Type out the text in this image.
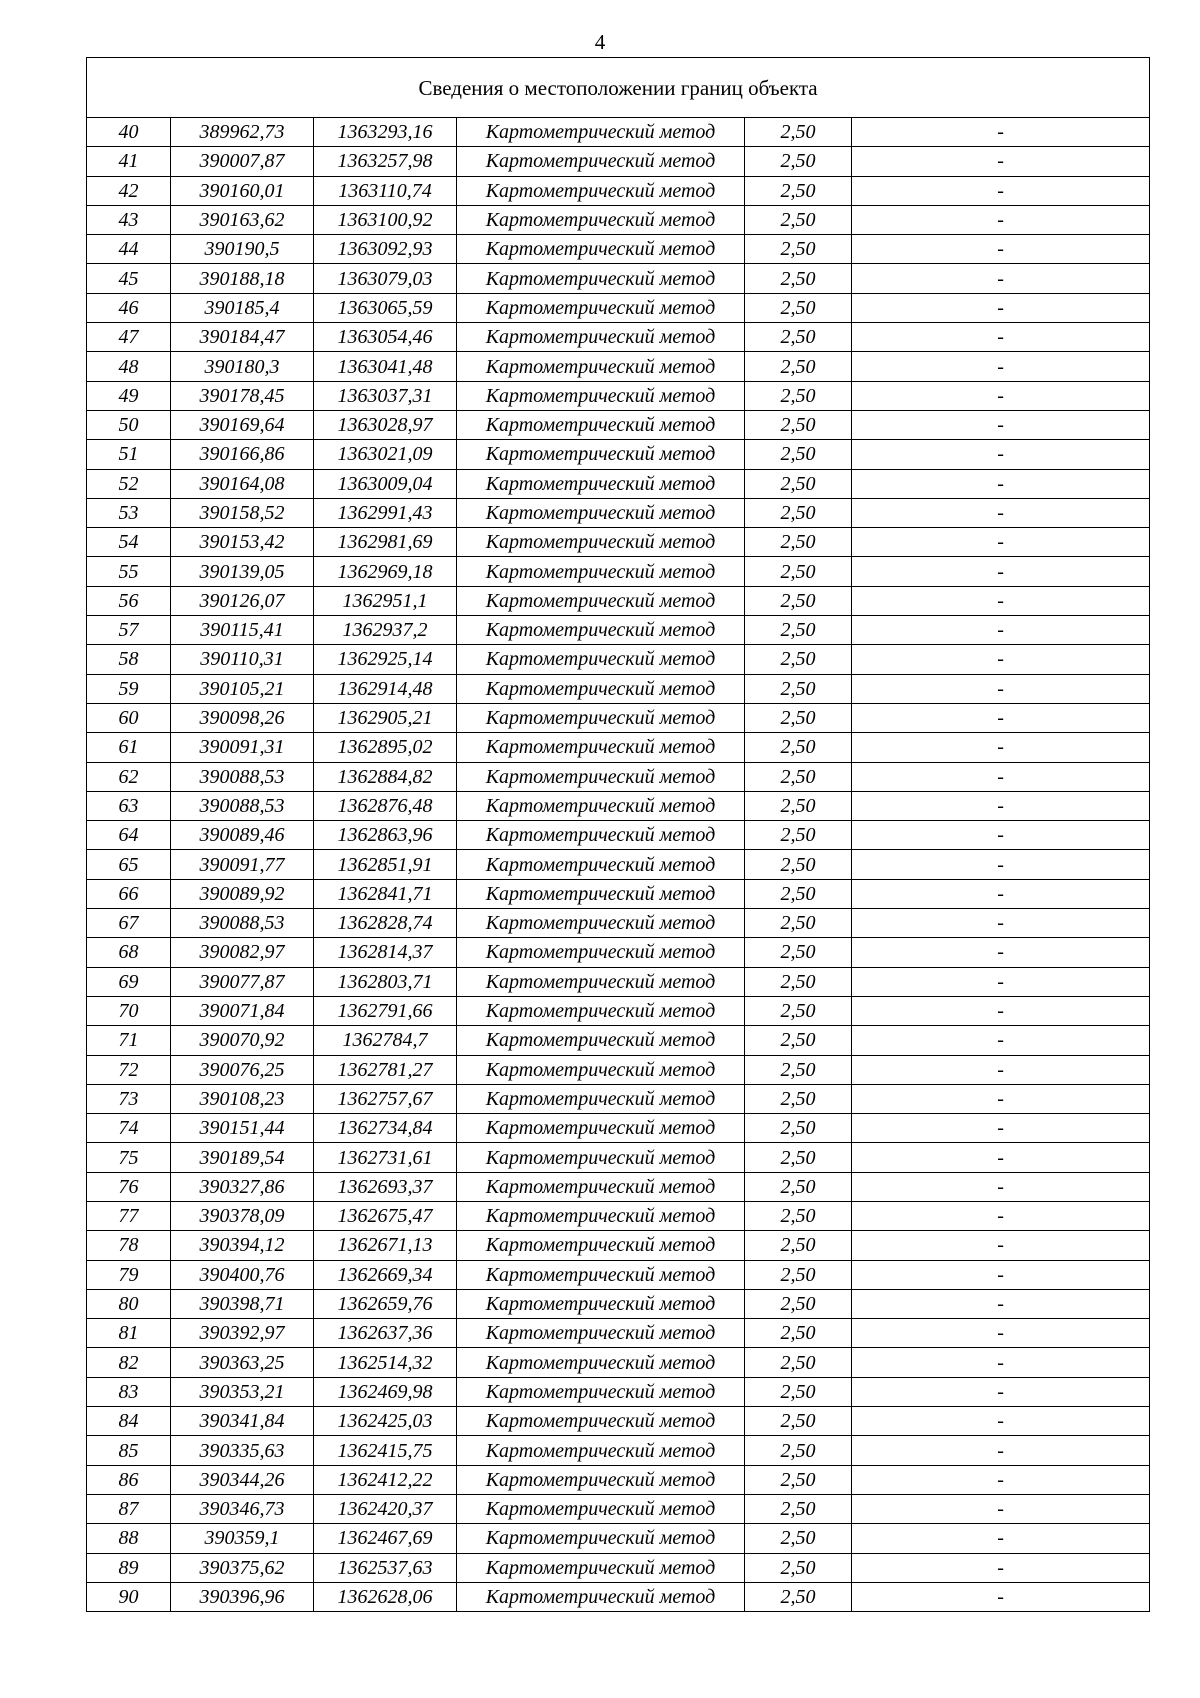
4
Сведения о местоположении границ объекта					
40	389962,73	1363293,16	Картометрический метод	2,50	-
41	390007,87	1363257,98	Картометрический метод	2,50	-
42	390160,01	1363110,74	Картометрический метод	2,50	-
43	390163,62	1363100,92	Картометрический метод	2,50	-
44	390190,5	1363092,93	Картометрический метод	2,50	-
45	390188,18	1363079,03	Картометрический метод	2,50	-
46	390185,4	1363065,59	Картометрический метод	2,50	-
47	390184,47	1363054,46	Картометрический метод	2,50	-
48	390180,3	1363041,48	Картометрический метод	2,50	-
49	390178,45	1363037,31	Картометрический метод	2,50	-
50	390169,64	1363028,97	Картометрический метод	2,50	-
51	390166,86	1363021,09	Картометрический метод	2,50	-
52	390164,08	1363009,04	Картометрический метод	2,50	-
53	390158,52	1362991,43	Картометрический метод	2,50	-
54	390153,42	1362981,69	Картометрический метод	2,50	-
55	390139,05	1362969,18	Картометрический метод	2,50	-
56	390126,07	1362951,1	Картометрический метод	2,50	-
57	390115,41	1362937,2	Картометрический метод	2,50	-
58	390110,31	1362925,14	Картометрический метод	2,50	-
59	390105,21	1362914,48	Картометрический метод	2,50	-
60	390098,26	1362905,21	Картометрический метод	2,50	-
61	390091,31	1362895,02	Картометрический метод	2,50	-
62	390088,53	1362884,82	Картометрический метод	2,50	-
63	390088,53	1362876,48	Картометрический метод	2,50	-
64	390089,46	1362863,96	Картометрический метод	2,50	-
65	390091,77	1362851,91	Картометрический метод	2,50	-
66	390089,92	1362841,71	Картометрический метод	2,50	-
67	390088,53	1362828,74	Картометрический метод	2,50	-
68	390082,97	1362814,37	Картометрический метод	2,50	-
69	390077,87	1362803,71	Картометрический метод	2,50	-
70	390071,84	1362791,66	Картометрический метод	2,50	-
71	390070,92	1362784,7	Картометрический метод	2,50	-
72	390076,25	1362781,27	Картометрический метод	2,50	-
73	390108,23	1362757,67	Картометрический метод	2,50	-
74	390151,44	1362734,84	Картометрический метод	2,50	-
75	390189,54	1362731,61	Картометрический метод	2,50	-
76	390327,86	1362693,37	Картометрический метод	2,50	-
77	390378,09	1362675,47	Картометрический метод	2,50	-
78	390394,12	1362671,13	Картометрический метод	2,50	-
79	390400,76	1362669,34	Картометрический метод	2,50	-
80	390398,71	1362659,76	Картометрический метод	2,50	-
81	390392,97	1362637,36	Картометрический метод	2,50	-
82	390363,25	1362514,32	Картометрический метод	2,50	-
83	390353,21	1362469,98	Картометрический метод	2,50	-
84	390341,84	1362425,03	Картометрический метод	2,50	-
85	390335,63	1362415,75	Картометрический метод	2,50	-
86	390344,26	1362412,22	Картометрический метод	2,50	-
87	390346,73	1362420,37	Картометрический метод	2,50	-
88	390359,1	1362467,69	Картометрический метод	2,50	-
89	390375,62	1362537,63	Картометрический метод	2,50	-
90	390396,96	1362628,06	Картометрический метод	2,50	-
